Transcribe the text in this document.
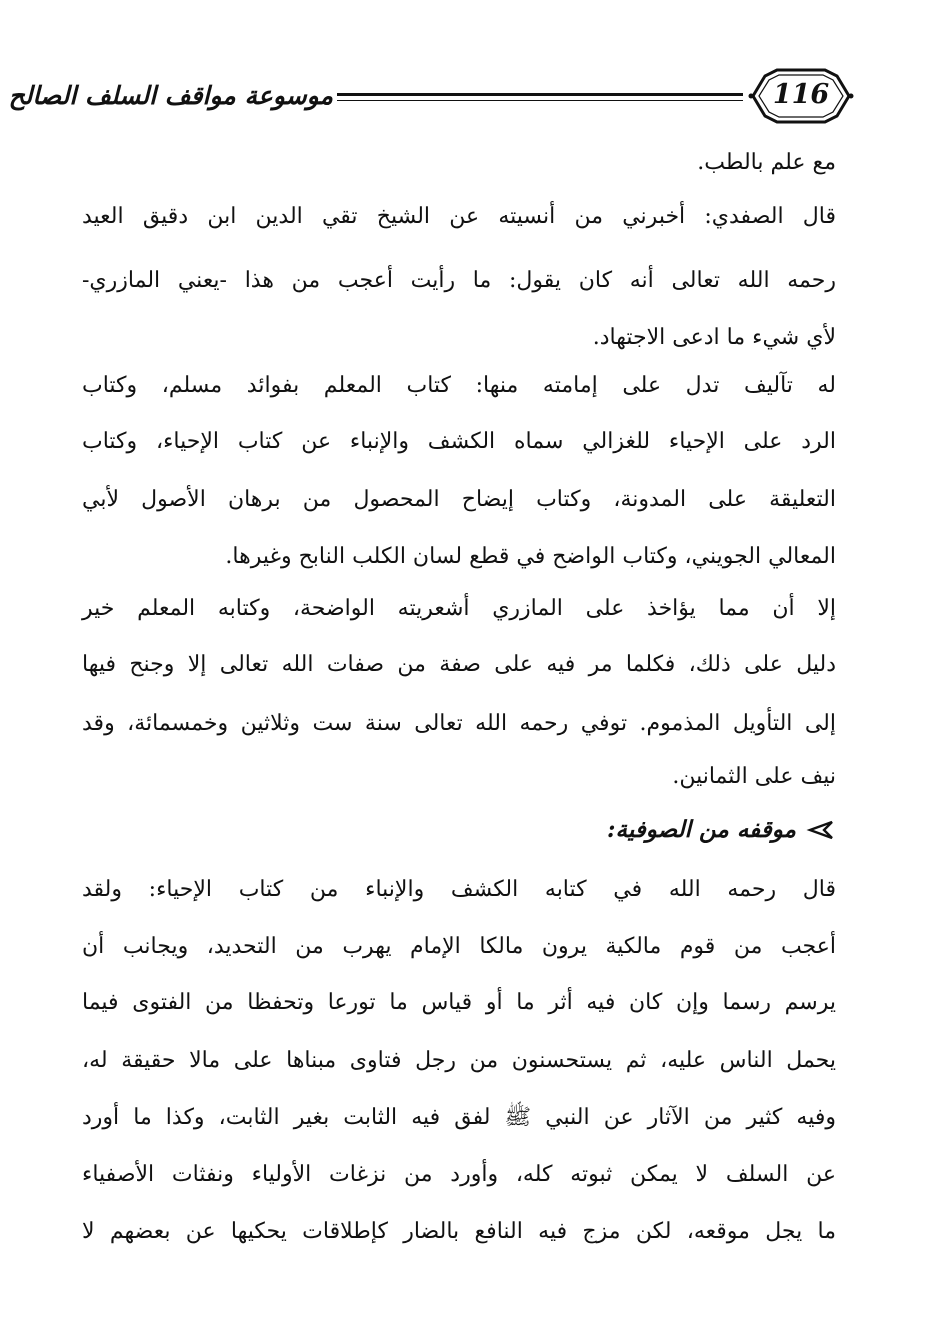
موسوعة مواقف السلف الصالح	116
مع علم بالطب.
قال الصفدي: أخبرني من أنسيته عن الشيخ تقي الدين ابن دقيق العيد
رحمه الله تعالى أنه كان يقول: ما رأيت أعجب من هذا -يعني المازري-
لأي شيء ما ادعى الاجتهاد.
له تآليف تدل على إمامته منها: كتاب المعلم بفوائد مسلم، وكتاب
الرد على الإحياء للغزالي سماه الكشف والإنباء عن كتاب الإحياء، وكتاب
التعليقة على المدونة، وكتاب إيضاح المحصول من برهان الأصول لأبي
المعالي الجويني، وكتاب الواضح في قطع لسان الكلب النابح وغيرها.
إلا أن مما يؤاخذ على المازري أشعريته الواضحة، وكتابه المعلم خير
دليل على ذلك، فكلما مر فيه على صفة من صفات الله تعالى إلا وجنح فيها
إلى التأويل المذموم. توفي رحمه الله تعالى سنة ست وثلاثين وخمسمائة، وقد
نيف على الثمانين.
موقفه من الصوفية:
قال رحمه الله في كتابه الكشف والإنباء من كتاب الإحياء: ولقد
أعجب من قوم مالكية يرون مالكا الإمام يهرب من التحديد، ويجانب أن
يرسم رسما وإن كان فيه أثر ما أو قياس ما تورعا وتحفظا من الفتوى فيما
يحمل الناس عليه، ثم يستحسنون من رجل فتاوى مبناها على مالا حقيقة له،
وفيه كثير من الآثار عن النبي ﷺ لفق فيه الثابت بغير الثابت، وكذا ما أورد
عن السلف لا يمكن ثبوته كله، وأورد من نزغات الأولياء ونفثات الأصفياء
ما يجل موقعه، لكن مزج فيه النافع بالضار كإطلاقات يحكيها عن بعضهم لا
